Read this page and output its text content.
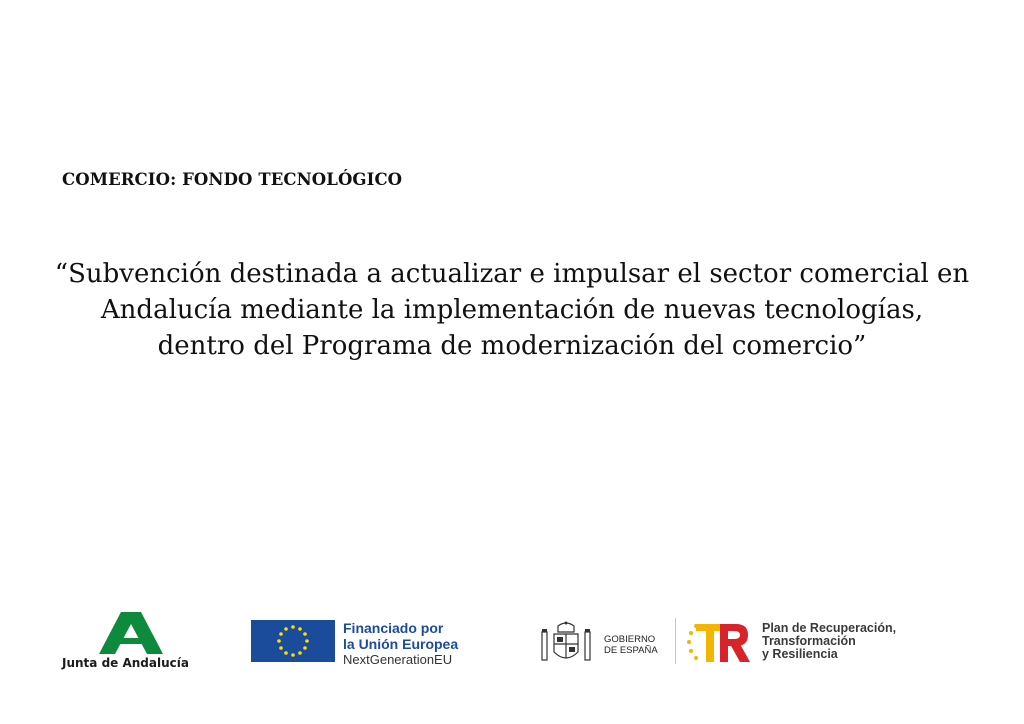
COMERCIO: FONDO TECNOLÓGICO
“Subvención destinada a actualizar e impulsar el sector comercial en
Andalucía mediante la implementación de nuevas tecnologías,
dentro del Programa de modernización del comercio”
Junta de Andalucía
Financiado por
la Unión Europea
NextGenerationEU
GOBIERNO
DE ESPAÑA
Plan de Recuperación,
Transformación
y Resiliencia
